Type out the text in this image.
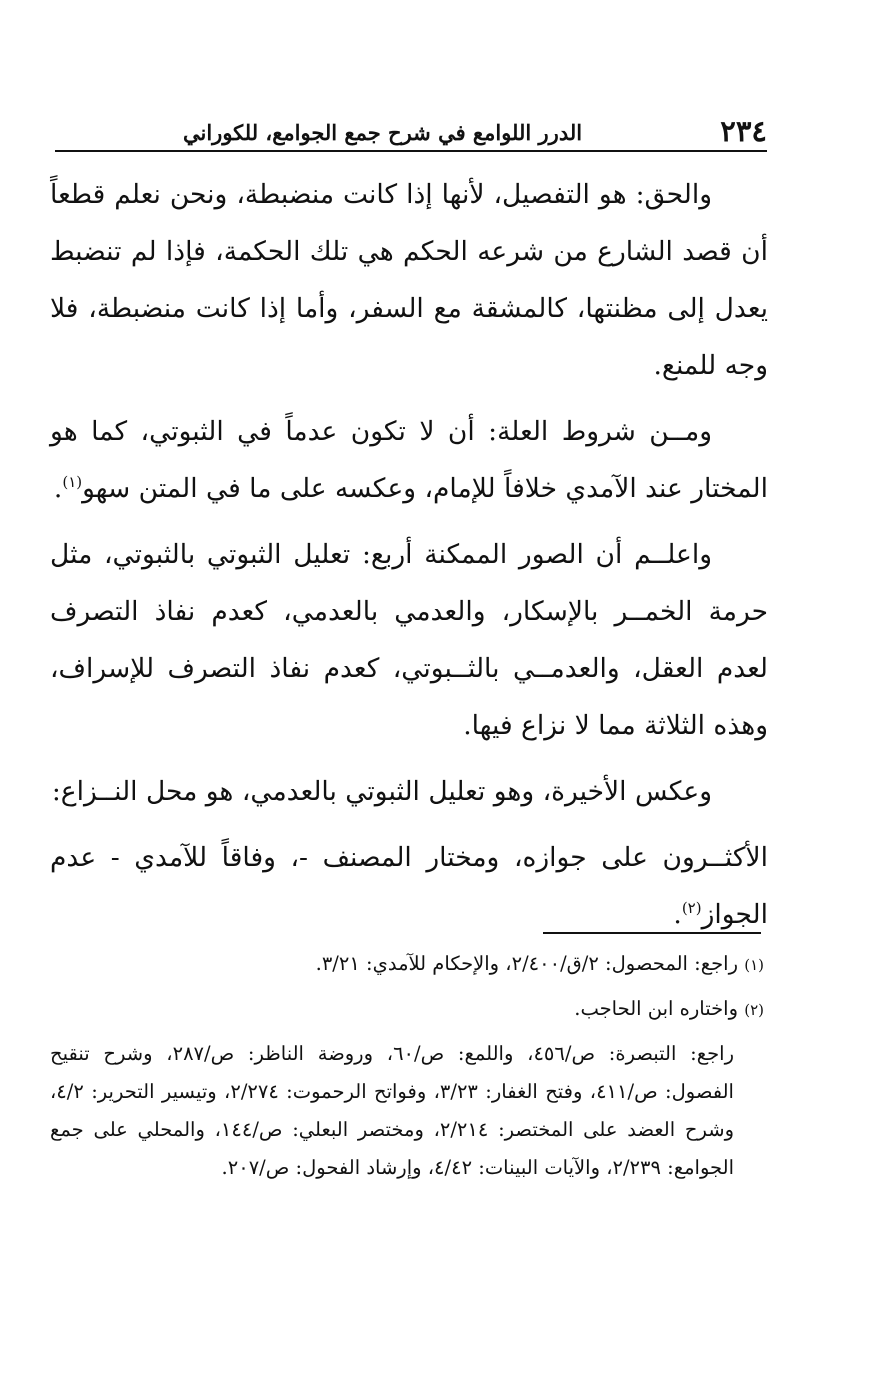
٢٣٤
الدرر اللوامع في شرح جمع الجوامع، للكوراني

والحق: هو التفصيل، لأنها إذا كانت منضبطة، ونحن نعلم قطعاً أن قصد الشارع من شرعه الحكم هي تلك الحكمة، فإذا لم تنضبط يعدل إلى مظنتها، كالمشقة مع السفر، وأما إذا كانت منضبطة، فلا وجه للمنع.

ومــن شروط العلة: أن لا تكون عدماً في الثبوتي، كما هو المختار عند الآمدي خلافاً للإمام، وعكسه على ما في المتن سهو$^{(١)}$.

واعلــم أن الصور الممكنة أربع: تعليل الثبوتي بالثبوتي، مثل حرمة الخمــر بالإسكار، والعدمي بالعدمي، كعدم نفاذ التصرف لعدم العقل، والعدمــي بالثــبوتي، كعدم نفاذ التصرف للإسراف، وهذه الثلاثة مما لا نزاع فيها.

وعكس الأخيرة، وهو تعليل الثبوتي بالعدمي، هو محل النــزاع:

الأكثــرون على جوازه، ومختار المصنف -، وفاقاً للآمدي - عدم الجواز$^{(٢)}$.

(١) راجع: المحصول: ٢/ق/٢/٤٠٠، والإحكام للآمدي: ٣/٢١.

(٢) واختاره ابن الحاجب.

راجع: التبصرة: ص/٤٥٦، واللمع: ص/٦٠، وروضة الناظر: ص/٢٨٧، وشرح تنقيح الفصول: ص/٤١١، وفتح الغفار: ٣/٢٣، وفواتح الرحموت: ٢/٢٧٤، وتيسير التحرير: ٤/٢، وشرح العضد على المختصر: ٢/٢١٤، ومختصر البعلي: ص/١٤٤، والمحلي على جمع الجوامع: ٢/٢٣٩، والآيات البينات: ٤/٤٢، وإرشاد الفحول: ص/٢٠٧.
